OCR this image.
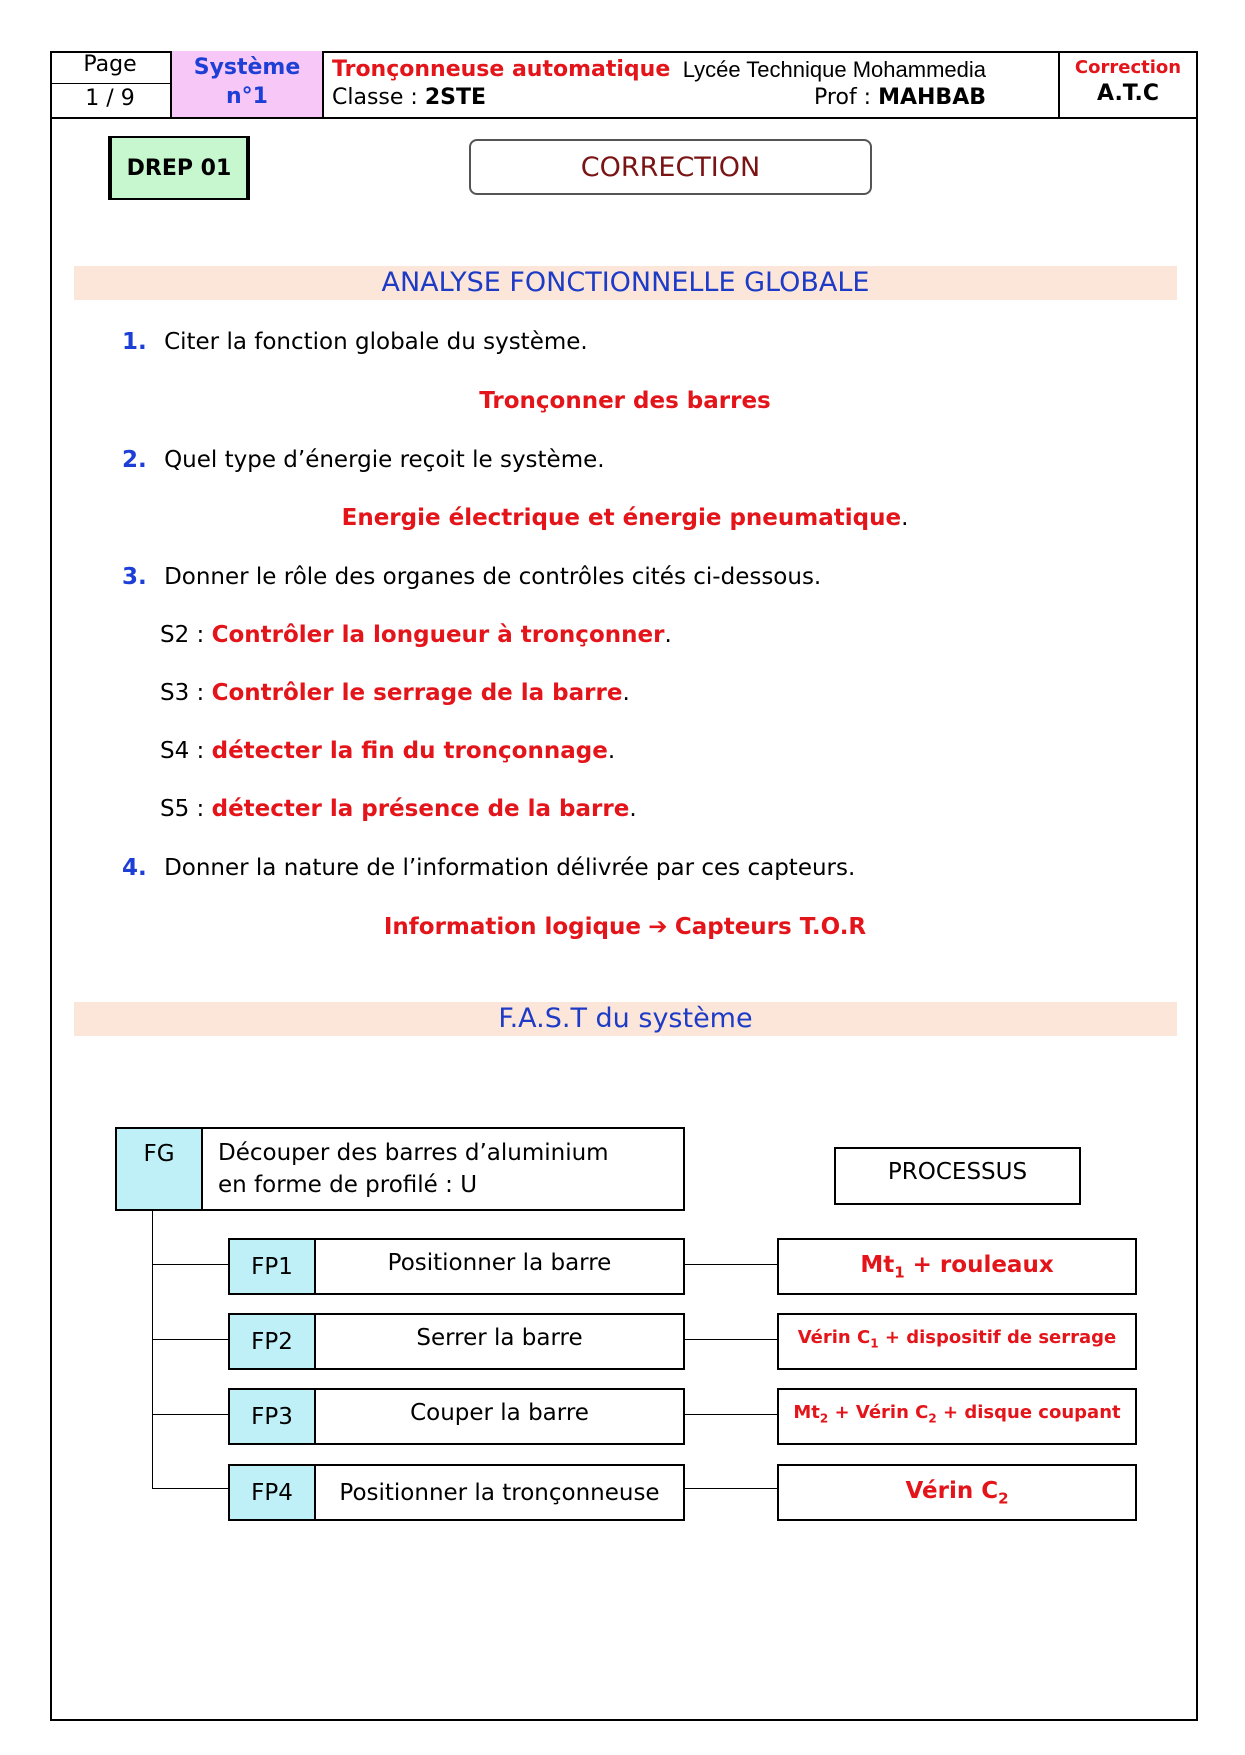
Page
1 / 9
Système
n°1
Tronçonneuse automatique
Classe : 2STE
Lycée Technique Mohammedia
Prof : MAHBAB
Correction
A.T.C
DREP 01	CORRECTION
ANALYSE FONCTIONNELLE GLOBALE
1. Citer la fonction globale du système.
Tronçonner des barres
2. Quel type d’énergie reçoit le système.
Energie électrique et énergie pneumatique.
3. Donner le rôle des organes de contrôles cités ci-dessous.
S2 : Contrôler la longueur à tronçonner.
S3 : Contrôler le serrage de la barre.
S4 : détecter la fin du tronçonnage.
S5 : détecter la présence de la barre.
4. Donner la nature de l’information délivrée par ces capteurs.
Information logique ➔ Capteurs T.O.R
F.A.S.T du système
FG	Découper des barres d’aluminium en forme de profilé : U	PROCESSUS
FP1	Positionner la barre	$Mt_1$ + rouleaux
FP2	Serrer la barre	Vérin $C_1$ + dispositif de serrage
FP3	Couper la barre	$Mt_2$ + Vérin $C_2$ + disque coupant
FP4	Positionner la tronçonneuse	Vérin $C_2$
